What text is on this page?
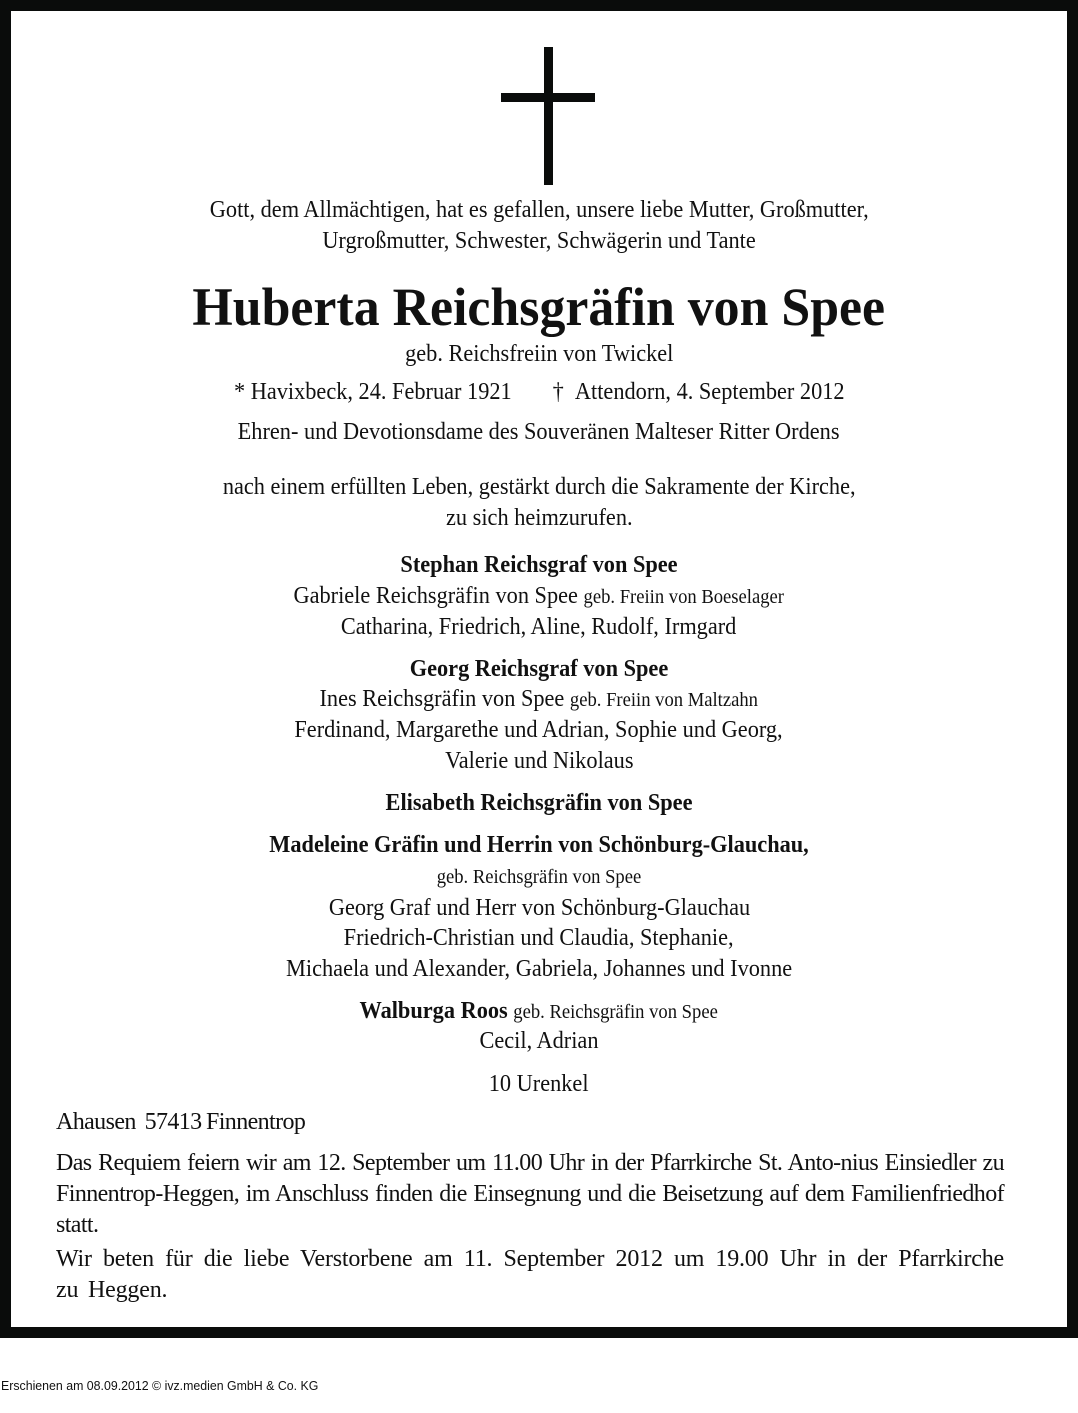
Gott, dem Allmächtigen, hat es gefallen, unsere liebe Mutter, Großmutter,
Urgroßmutter, Schwester, Schwägerin und Tante
Huberta Reichsgräfin von Spee
geb. Reichsfreiin von Twickel
* Havixbeck, 24. Februar 1921 † Attendorn, 4. September 2012
Ehren- und Devotionsdame des Souveränen Malteser Ritter Ordens
nach einem erfüllten Leben, gestärkt durch die Sakramente der Kirche,
zu sich heimzurufen.
Stephan Reichsgraf von Spee
Gabriele Reichsgräfin von Spee geb. Freiin von Boeselager
Catharina, Friedrich, Aline, Rudolf, Irmgard
Georg Reichsgraf von Spee
Ines Reichsgräfin von Spee geb. Freiin von Maltzahn
Ferdinand, Margarethe und Adrian, Sophie und Georg,
Valerie und Nikolaus
Elisabeth Reichsgräfin von Spee
Madeleine Gräfin und Herrin von Schönburg-Glauchau,
geb. Reichsgräfin von Spee
Georg Graf und Herr von Schönburg-Glauchau
Friedrich-Christian und Claudia, Stephanie,
Michaela und Alexander, Gabriela, Johannes und Ivonne
Walburga Roos geb. Reichsgräfin von Spee
Cecil, Adrian
10 Urenkel
Ahausen  57413 Finnentrop
Das Requiem feiern wir am 12. September um 11.00 Uhr in der Pfarrkirche St. Anto-nius Einsiedler zu Finnentrop-Heggen, im Anschluss finden die Einsegnung und die Beisetzung auf dem Familienfriedhof statt.
Wir beten für die liebe Verstorbene am 11. September 2012 um 19.00 Uhr in der Pfarrkirche zu Heggen.
Erschienen am 08.09.2012 © ivz.medien GmbH & Co. KG
